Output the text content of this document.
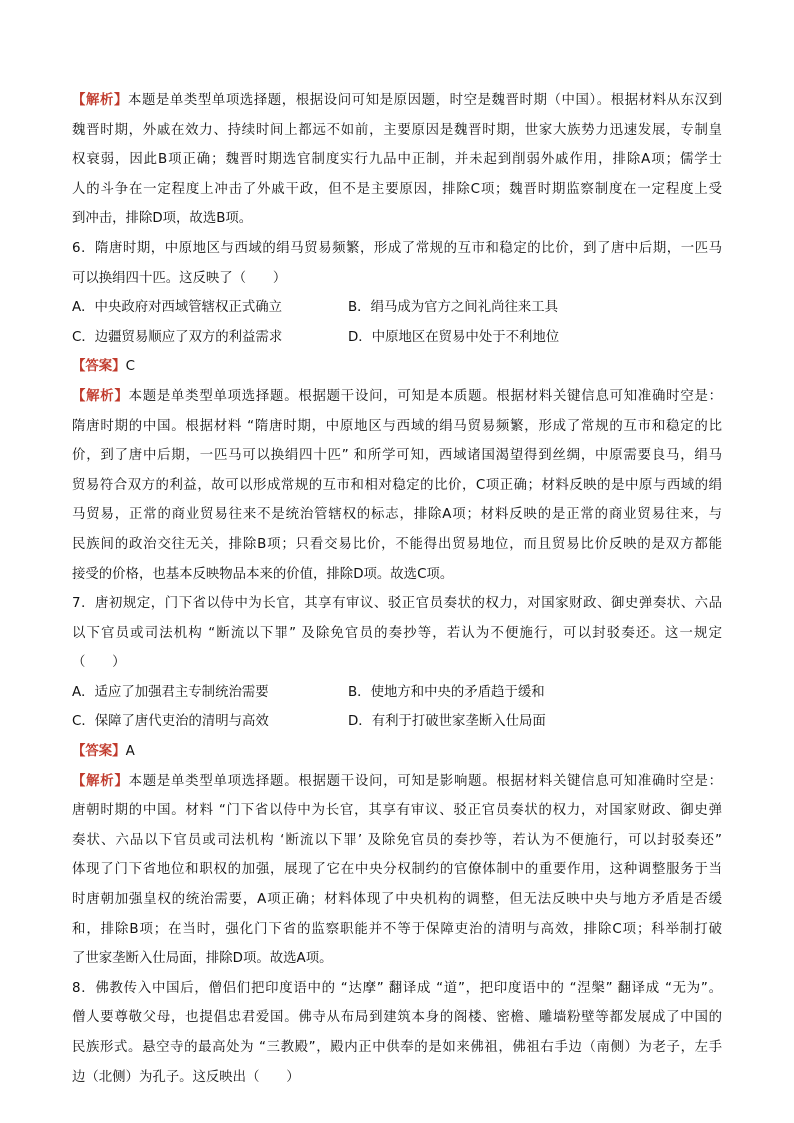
【解析】本题是单类型单项选择题，根据设问可知是原因题，时空是魏晋时期（中国）。根据材料从东汉到
魏晋时期，外戚在效力、持续时间上都远不如前，主要原因是魏晋时期，世家大族势力迅速发展，专制皇
权衰弱，因此B项正确；魏晋时期选官制度实行九品中正制，并未起到削弱外戚作用，排除A项；儒学士
人的斗争在一定程度上冲击了外戚干政，但不是主要原因，排除C项；魏晋时期监察制度在一定程度上受
到冲击，排除D项，故选B项。
6．隋唐时期，中原地区与西域的绢马贸易频繁，形成了常规的互市和稳定的比价，到了唐中后期，一匹马
可以换绢四十匹。这反映了（　　）
A．中央政府对西域管辖权正式确立	B．绢马成为官方之间礼尚往来工具
C．边疆贸易顺应了双方的利益需求	D．中原地区在贸易中处于不利地位
【答案】C
【解析】本题是单类型单项选择题。根据题干设问，可知是本质题。根据材料关键信息可知准确时空是：
隋唐时期的中国。根据材料 “隋唐时期，中原地区与西域的绢马贸易频繁，形成了常规的互市和稳定的比
价，到了唐中后期，一匹马可以换绢四十匹” 和所学可知，西域诸国渴望得到丝绸，中原需要良马，绢马
贸易符合双方的利益，故可以形成常规的互市和相对稳定的比价，C项正确；材料反映的是中原与西域的绢
马贸易，正常的商业贸易往来不是统治管辖权的标志，排除A项；材料反映的是正常的商业贸易往来，与
民族间的政治交往无关，排除B项；只看交易比价，不能得出贸易地位，而且贸易比价反映的是双方都能
接受的价格，也基本反映物品本来的价值，排除D项。故选C项。
7．唐初规定，门下省以侍中为长官，其享有审议、驳正官员奏状的权力，对国家财政、御史弹奏状、六品
以下官员或司法机构 “断流以下罪” 及除免官员的奏抄等，若认为不便施行，可以封驳奏还。这一规定
（　　）
A．适应了加强君主专制统治需要	B．使地方和中央的矛盾趋于缓和
C．保障了唐代吏治的清明与高效	D．有利于打破世家垄断入仕局面
【答案】A
【解析】本题是单类型单项选择题。根据题干设问，可知是影响题。根据材料关键信息可知准确时空是：
唐朝时期的中国。材料 “门下省以侍中为长官，其享有审议、驳正官员奏状的权力，对国家财政、御史弹
奏状、六品以下官员或司法机构 ‘断流以下罪’ 及除免官员的奏抄等，若认为不便施行，可以封驳奏还”
体现了门下省地位和职权的加强，展现了它在中央分权制约的官僚体制中的重要作用，这种调整服务于当
时唐朝加强皇权的统治需要，A项正确；材料体现了中央机构的调整，但无法反映中央与地方矛盾是否缓
和，排除B项；在当时，强化门下省的监察职能并不等于保障吏治的清明与高效，排除C项；科举制打破
了世家垄断入仕局面，排除D项。故选A项。
8．佛教传入中国后，僧侣们把印度语中的 “达摩” 翻译成 “道”，把印度语中的 “涅槃” 翻译成 “无为”。
僧人要尊敬父母，也提倡忠君爱国。佛寺从布局到建筑本身的阁楼、密檐、雕墙粉壁等都发展成了中国的
民族形式。悬空寺的最高处为 “三教殿”，殿内正中供奉的是如来佛祖，佛祖右手边（南侧）为老子，左手
边（北侧）为孔子。这反映出（　　）
